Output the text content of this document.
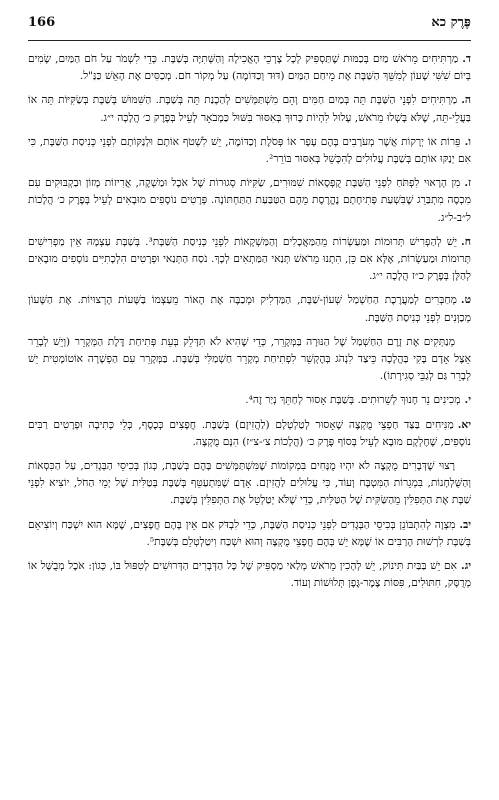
166	פֶּרֶק כא

ד.מַרְתִּיחִים מֵרֹאשׁ מַיִם בְּכַמּוּת שֶׁתַּסְפִּיק לְכָל צָרְכֵי הָאֲכִילָה וְהַשְּׁתִיָּה בְּשַׁבָּת. כְּדֵי לִשְׁמֹר עַל חֹם הַמַּיִם, שָׂמִים בְּיוֹם שִׁשִּׁי שָׁעוֹן לְמִשֵּׁךְ הַשַּׁבָּת אֶת מֵיחַם הַמַּיִם (דּוּד וְכַדּוֹמֶה) עַל מְקוֹר חֹם. מְכַסִּים אֶת הָאֵשׁ כַּנַּ"ל.

ה.מַרְתִּיחִים לִפְנֵי הַשַּׁבָּת תֵּה בְּמַיִם חַמִּים וְהֵם מִשְׁתַּמְּשִׁים לְהַכָנַת תֵּה בְּשַׁבָּת. הַשִּׁמּוּשׁ בְּשַׁבָּת בְּשַׂקִּיּוֹת תֵּה אוֹ בַּעֲלֵי-תֵּה, שֶׁלֹּא בָּשְׁלוּ מֵרֹאשׁ, עָלוּל לִהְיוֹת כָּרוּךְ בְּאִסּוּר בִּשּׁוּל כַּמְבֹאָר לְעֵיל בְּפֶרֶק כ׳ הֲלָכָה י״ג.

ו.פֵּרוֹת אוֹ יְרָקוֹת אֲשֶׁר מְעֹרָבִים בָּהֶם עָפָר אוֹ פְּסֹלֶת וְכַדּוֹמֶה, יֵשׁ לִשְׁטֹף אוֹתָם וּלְנַקּוֹתָם לִפְנֵי כְּנִיסַת הַשַּׁבָּת, כִּי אִם יְנַקּוּ אוֹתָם בְּשַׁבָּת עֲלוּלִים לְהִכָּשֵׁל בְּאִסּוּר בּוֹרֵר².

ז.מִן הָרָאוּי לִפְתֹּחַ לִפְנֵי הַשַּׁבָּת קֻפְסָאוֹת שִׁמּוּרִים, שַׂקִּיּוֹת סְגוּרוֹת שֶׁל אֹכֶל וּמַשְׁקֶה, אֲרִיזוֹת מָזוֹן וּבַקְבּוּקִים עִם מִכְסֶה מִתְבַּרֵג שֶׁבִּשְׁעַת פְּתִיחָתָם נֶהֱרֶסֶת מֵהֶם הַטַּבַּעַת הַתַּחְתּוֹנָה. פְּרָטִים נוֹסָפִים מוּבָאִים לְעֵיל בְּפֶרֶק כ׳ הֲלָכוֹת ל״ב-ל״ג.

ח.יֵשׁ לְהַפְרִישׁ תְּרוּמוֹת וּמַעַשְׂרוֹת מֵהַמַּאֲכָלִים וְהַמַּשְׁקָאוֹת לִפְנֵי כְּנִיסַת הַשַּׁבָּת³. בְּשַׁבָּת עַצְמָהּ אֵין מַפְרִישִׁים תְּרוּמוֹת וּמַעַשְׂרוֹת, אֶלָּא אִם כֵּן, הִתְנוּ מֵרֹאשׁ תְּנַאי הַמַּתְאִים לְכָךְ. נֹסַח הַתְּנַאי וּפְרָטִים הִלְכָתִיִּים נוֹסָפִים מוּבָאִים לְהַלָּן בְּפֶרֶק כ״ז הֲלָכָה י״ג.

ט.מְחַבְּרִים לְמַעֲרֶכֶת הַחַשְׁמַל שְׁעוֹן-שַׁבָּת, הַמַּדְלִיק וּמְכַבֶּה אֶת הָאוֹר מֵעַצְמוֹ בַּשָּׁעוֹת הָרְצוּיוֹת. אֶת הַשָּׁעוֹן מְכַוְּנִים לִפְנֵי כְּנִיסַת הַשַּׁבָּת.

מְנַתְּקִים אֶת זֶרֶם הַחַשְׁמַל שֶׁל הַנּוּרָה בַּמְּקָרֵר, כְּדֵי שֶׁהִיא לֹא תִּדָּלֵק בְּעֵת פְּתִיחַת דֶּלֶת הַמְּקָרֵר (וְיֵשׁ לְבָרֵר אֵצֶל אָדָם בָּקִי בַּהֲלָכָה כֵּיצַד לִנְהֹג בְּהֶקְשֵׁר לִפְתִיחַת מְקָרֵר חַשְׁמַלִּי בְּשַׁבָּת. בַּמְּקָרֵר עִם הַפְשָׁרָה אוֹטוֹמָטִית יֵשׁ לְבָרֵר גַּם לְגַבֵּי סְגִירָתוֹ).

י.מְכִינִים נֵר חָנוּךְ לְשֵׁרוּתִים. בְּשַׁבָּת אָסוּר לְחַתֵּךְ נְיַר זֶה⁴.

יא.מַנִּיחִים בַּצַּד חַפְצֵי מֻקְצֶה שֶׁאָסוּר לְטַלְטְלָם (לַהֲזִיזָם) בְּשַׁבָּת. חֲפָצִים כְּכֶסֶף, כְּלֵי כְּתִיבָה וּפְרָטִים רַבִּים נוֹסָפִים, שֶׁחֶלְקָם מוּבָא לְעֵיל בְּסוֹף פֶּרֶק כ׳ (הֲלָכוֹת צ׳-צ״ז) הִנָּם מֻקְצֶה.

רָצוּי שֶׁדְּבָרִים מֻקְצֶה לֹא יִהְיוּ מֻנָּחִים בִּמְקוֹמוֹת שֶׁמִּשְׁתַּמְּשִׁים בָּהֶם בְּשַׁבָּת, כְּגוֹן בְּכִיסֵי הַבְּגָדִים, עַל הַכִּסְאוֹת וְהַשֻּׁלְחָנוֹת, בִּמְגֵרוֹת הַמִּטְבָּח וְעוֹד, כִּי עֲלוּלִים לַהֲזִיזָם. אָדָם שֶׁמִּתְעַטֵּף בְּשַׁבָּת בְּטַלִּית שֶׁל יְמֵי הַחֹל, יוֹצִיא לִפְנֵי שַׁבָּת אֶת הַתְּפִלִּין מֵהַשַּׂקִּית שֶׁל הַטַּלִּית, כְּדֵי שֶׁלֹּא יְטַלְטֵל אֶת הַתְּפִלִּין בְּשַׁבָּת.

יב.מִצְוָה לְהִתְבּוֹנֵן בְּכִיסֵי הַבְּגָדִים לִפְנֵי כְּנִיסַת הַשַּׁבָּת, כְּדֵי לִבְדֹּק אִם אֵין בָּהֶם חֲפָצִים, שֶׁמָּא הוּא יִשְׁכַּח וְיוֹצִיאֵם בְּשַׁבָּת לִרְשׁוּת הָרַבִּים אוֹ שֶׁמָּא יֵשׁ בָּהֶם חֲפָצֵי מֻקְצֶה וְהוּא יִשְׁכַּח וִיטַלְטְלֵם בְּשַׁבָּת⁵.

יג.אִם יֵשׁ בַּבַּיִת תִּינוֹק, יֵשׁ לְהָכִין מֵרֹאשׁ מְלַאי מַסְפִּיק שֶׁל כָּל הַדְּבָרִים הַדְּרוּשִׁים לְטִפּוּל בּוֹ, כְּגוֹן: אֹכֶל מְבֻשָּׁל אוֹ מְרֻסָּק, חִתּוּלִים, פִּסּוֹת צֶמֶר-גֶּפֶן תְּלוּשׁוֹת וְעוֹד.
